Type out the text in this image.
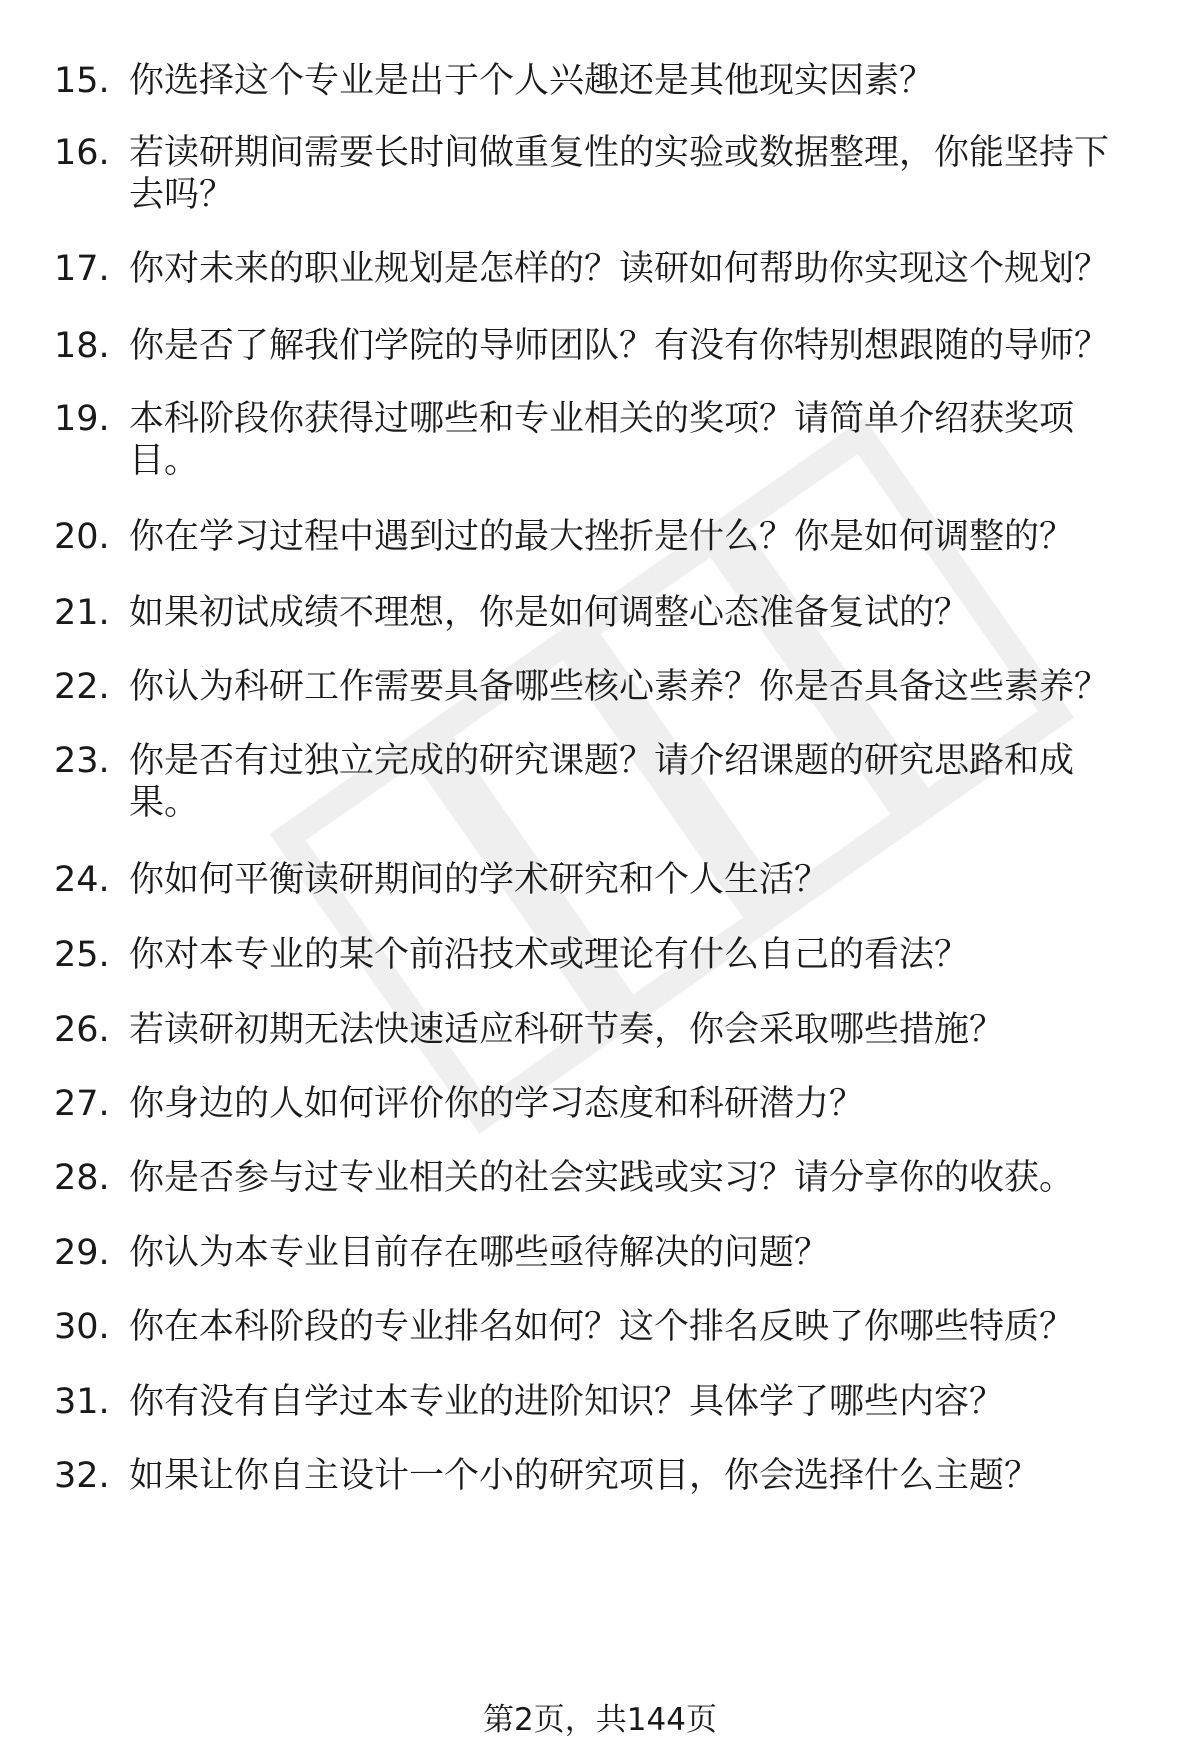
15. 你选择这个专业是出于个人兴趣还是其他现实因素？
16. 若读研期间需要长时间做重复性的实验或数据整理，你能坚持下去吗？
17. 你对未来的职业规划是怎样的？读研如何帮助你实现这个规划？
18. 你是否了解我们学院的导师团队？有没有你特别想跟随的导师？
19. 本科阶段你获得过哪些和专业相关的奖项？请简单介绍获奖项目。
20. 你在学习过程中遇到过的最大挫折是什么？你是如何调整的？
21. 如果初试成绩不理想，你是如何调整心态准备复试的？
22. 你认为科研工作需要具备哪些核心素养？你是否具备这些素养？
23. 你是否有过独立完成的研究课题？请介绍课题的研究思路和成果。
24. 你如何平衡读研期间的学术研究和个人生活？
25. 你对本专业的某个前沿技术或理论有什么自己的看法？
26. 若读研初期无法快速适应科研节奏，你会采取哪些措施？
27. 你身边的人如何评价你的学习态度和科研潜力？
28. 你是否参与过专业相关的社会实践或实习？请分享你的收获。
29. 你认为本专业目前存在哪些亟待解决的问题？
30. 你在本科阶段的专业排名如何？这个排名反映了你哪些特质？
31. 你有没有自学过本专业的进阶知识？具体学了哪些内容？
32. 如果让你自主设计一个小的研究项目，你会选择什么主题？
第2页，共144页
